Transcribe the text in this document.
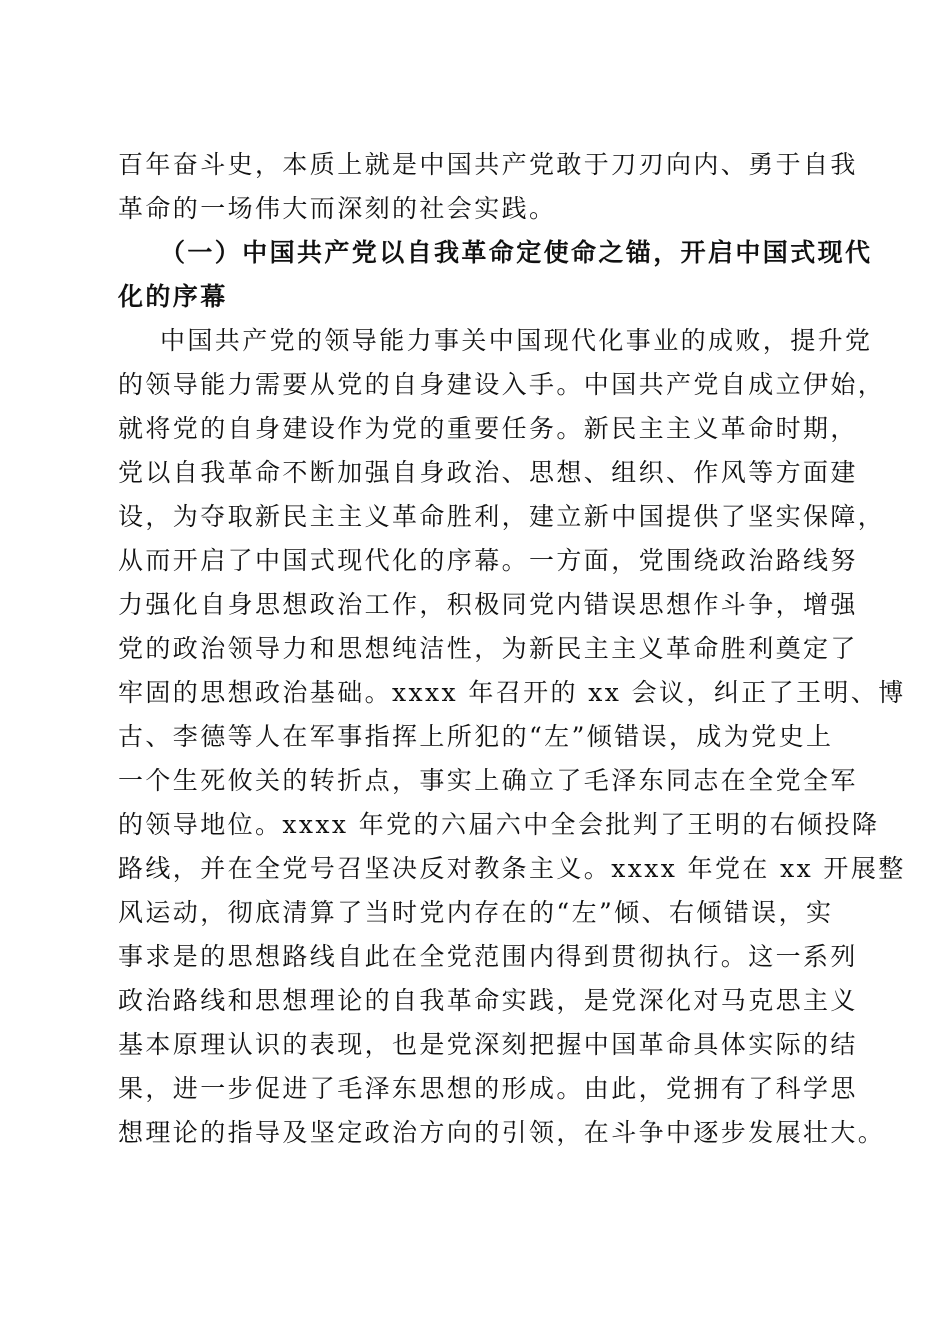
百年奋斗史，本质上就是中国共产党敢于刀刃向内、勇于自我
革命的一场伟大而深刻的社会实践。
（一）中国共产党以自我革命定使命之锚，开启中国式现代
化的序幕
中国共产党的领导能力事关中国现代化事业的成败，提升党
的领导能力需要从党的自身建设入手。中国共产党自成立伊始，
就将党的自身建设作为党的重要任务。新民主主义革命时期，
党以自我革命不断加强自身政治、思想、组织、作风等方面建
设，为夺取新民主主义革命胜利，建立新中国提供了坚实保障，
从而开启了中国式现代化的序幕。一方面，党围绕政治路线努
力强化自身思想政治工作，积极同党内错误思想作斗争，增强
党的政治领导力和思想纯洁性，为新民主主义革命胜利奠定了
牢固的思想政治基础。xxxx 年召开的 xx 会议，纠正了王明、博
古、李德等人在军事指挥上所犯的“左”倾错误，成为党史上
一个生死攸关的转折点，事实上确立了毛泽东同志在全党全军
的领导地位。xxxx 年党的六届六中全会批判了王明的右倾投降
路线，并在全党号召坚决反对教条主义。xxxx 年党在 xx 开展整
风运动，彻底清算了当时党内存在的“左”倾、右倾错误，实
事求是的思想路线自此在全党范围内得到贯彻执行。这一系列
政治路线和思想理论的自我革命实践，是党深化对马克思主义
基本原理认识的表现，也是党深刻把握中国革命具体实际的结
果，进一步促进了毛泽东思想的形成。由此，党拥有了科学思
想理论的指导及坚定政治方向的引领，在斗争中逐步发展壮大。
